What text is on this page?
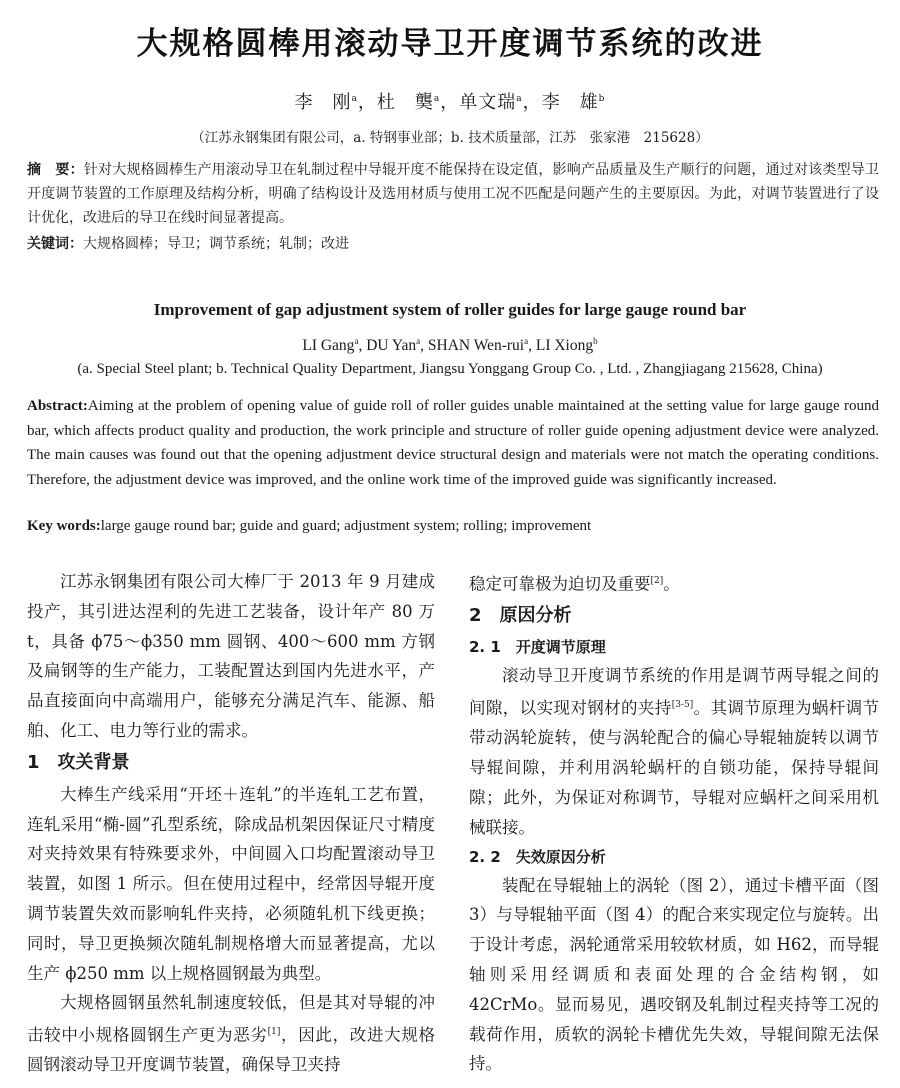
大规格圆棒用滚动导卫开度调节系统的改进
李　刚$^a$，杜　龑$^a$，单文瑞$^a$，李　雄$^b$
（江苏永钢集团有限公司，a. 特钢事业部；b. 技术质量部，江苏　张家港　215628）
摘　要：针对大规格圆棒生产用滚动导卫在轧制过程中导辊开度不能保持在设定值，影响产品质量及生产顺行的问题，通过对该类型导卫开度调节装置的工作原理及结构分析，明确了结构设计及选用材质与使用工况不匹配是问题产生的主要原因。为此，对调节装置进行了设计优化，改进后的导卫在线时间显著提高。
关键词：大规格圆棒；导卫；调节系统；轧制；改进
Improvement of gap adjustment system of roller guides for large gauge round bar
LI Gang$^a$, DU Yan$^a$, SHAN Wen-rui$^a$, LI Xiong$^b$
(a. Special Steel plant; b. Technical Quality Department, Jiangsu Yonggang Group Co. , Ltd. , Zhangjiagang 215628, China)
Abstract:Aiming at the problem of opening value of guide roll of roller guides unable maintained at the setting value for large gauge round bar, which affects product quality and production, the work principle and structure of roller guide opening adjustment device were analyzed. The main causes was found out that the opening adjustment device structural design and materials were not match the operating conditions. Therefore, the adjustment device was improved, and the online work time of the improved guide was significantly increased.
Key words:large gauge round bar; guide and guard; adjustment system; rolling; improvement

江苏永钢集团有限公司大棒厂于 2013 年 9 月建成投产，其引进达涅利的先进工艺装备，设计年产 80 万 t，具备 ϕ75～ϕ350 mm 圆钢、400～600 mm 方钢及扁钢等的生产能力，工装配置达到国内先进水平，产品直接面向中高端用户，能够充分满足汽车、能源、船舶、化工、电力等行业的需求。

1　攻关背景

大棒生产线采用“开坯＋连轧”的半连轧工艺布置，连轧采用“椭-圆”孔型系统，除成品机架因保证尺寸精度对夹持效果有特殊要求外，中间圆入口均配置滚动导卫装置，如图 1 所示。但在使用过程中，经常因导辊开度调节装置失效而影响轧件夹持，必须随轧机下线更换；同时，导卫更换频次随轧制规格增大而显著提高，尤以生产 ϕ250 mm 以上规格圆钢最为典型。

大规格圆钢虽然轧制速度较低，但是其对导辊的冲击较中小规格圆钢生产更为恶劣[1]，因此，改进大规格圆钢滚动导卫开度调节装置，确保导卫夹持

稳定可靠极为迫切及重要[2]。

2　原因分析
2. 1　开度调节原理

滚动导卫开度调节系统的作用是调节两导辊之间的间隙，以实现对钢材的夹持[3-5]。其调节原理为蜗杆调节带动涡轮旋转，使与涡轮配合的偏心导辊轴旋转以调节导辊间隙，并利用涡轮蜗杆的自锁功能，保持导辊间隙；此外，为保证对称调节，导辊对应蜗杆之间采用机械联接。

2. 2　失效原因分析

装配在导辊轴上的涡轮（图 2），通过卡槽平面（图 3）与导辊轴平面（图 4）的配合来实现定位与旋转。出于设计考虑，涡轮通常采用较软材质，如 H62，而导辊轴则采用经调质和表面处理的合金结构钢，如 42CrMo。显而易见，遇咬钢及轧制过程夹持等工况的载荷作用，质软的涡轮卡槽优先失效，导辊间隙无法保持。
